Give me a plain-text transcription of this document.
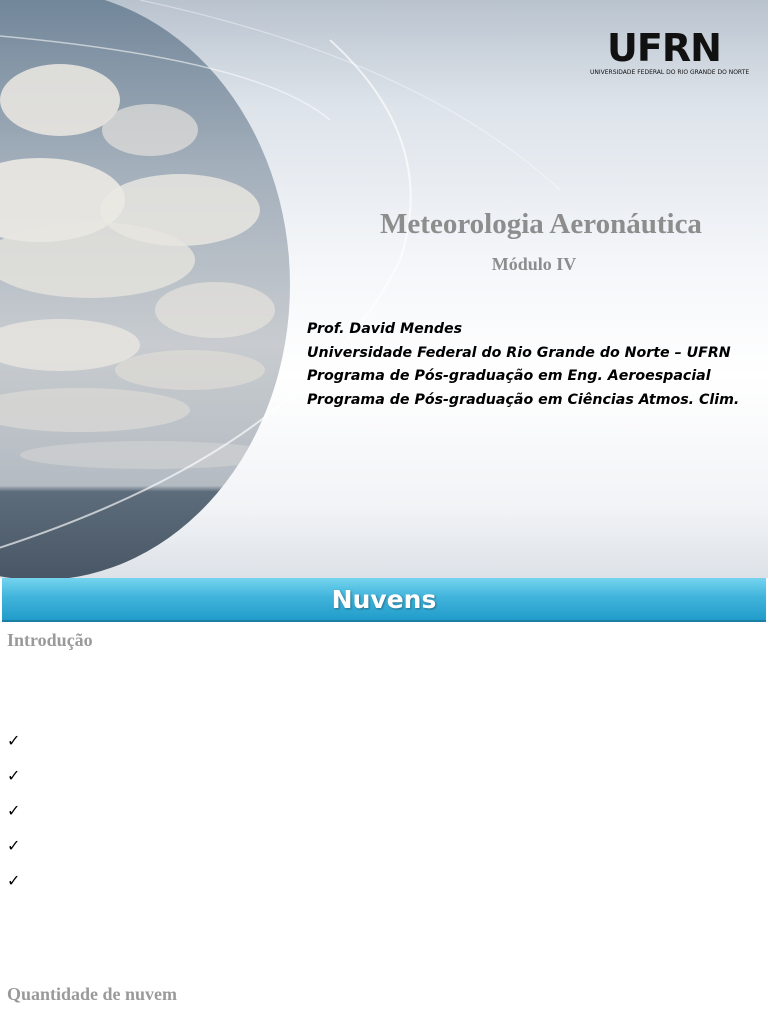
UFRN
UNIVERSIDADE FEDERAL DO RIO GRANDE DO NORTE
Meteorologia Aeronáutica
Módulo IV
Prof. David Mendes
Universidade Federal do Rio Grande do Norte – UFRN
Programa de Pós-graduação em Eng. Aeroespacial
Programa de Pós-graduação em Ciências Atmos. Clim.
Nuvens
Introdução
✓
✓
✓
✓
✓
Quantidade de nuvem
